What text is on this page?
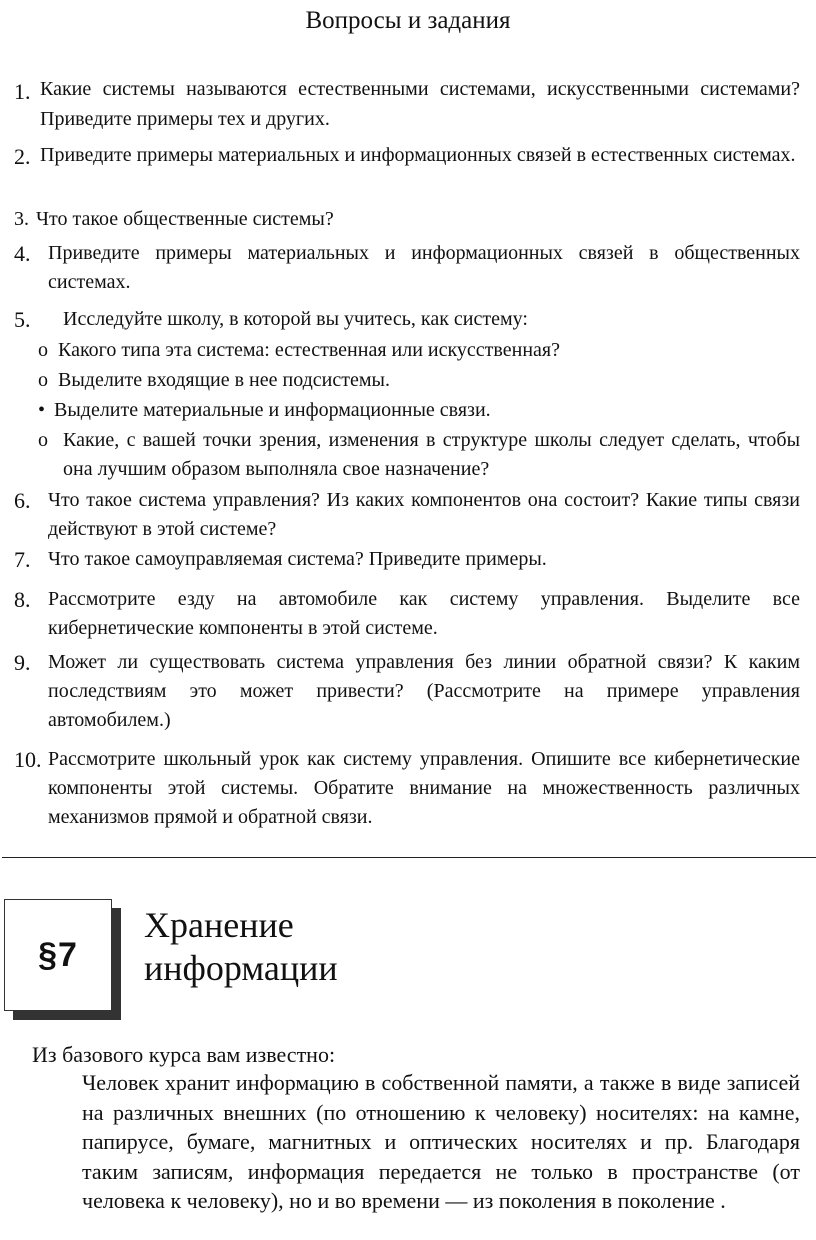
Вопросы и задания
1. Какие системы называются естественными системами, искусственными системами? Приведите примеры тех и других.
2. Приведите примеры материальных и информационных связей в естественных системах.
3. Что такое общественные системы?
4. Приведите примеры материальных и информационных связей в общественных системах.
5. Исследуйте школу, в которой вы учитесь, как систему:
o Какого типа эта система: естественная или искусственная?
o Выделите входящие в нее подсистемы.
• Выделите материальные и информационные связи.
o Какие, с вашей точки зрения, изменения в структуре школы следует сделать, чтобы она лучшим образом выполняла свое назначение?
6. Что такое система управления? Из каких компонентов она состоит? Какие типы связи действуют в этой системе?
7. Что такое самоуправляемая система? Приведите примеры.
8. Рассмотрите езду на автомобиле как систему управления. Выделите все кибернетические компоненты в этой системе.
9. Может ли существовать система управления без линии обратной связи? К каким последствиям это может привести? (Рассмотрите на примере управления автомобилем.)
10. Рассмотрите школьный урок как систему управления. Опишите все кибернетические компоненты этой системы. Обратите внимание на множественность различных механизмов прямой и обратной связи.
§7
Хранение
информации
Из базового курса вам известно:
Человек хранит информацию в собственной памяти, а также в виде записей на различных внешних (по отношению к человеку) носителях: на камне, папирусе, бумаге, магнитных и оптических носителях и пр. Благодаря таким записям, информация передается не только в пространстве (от человека к человеку), но и во времени — из поколения в поколение .
